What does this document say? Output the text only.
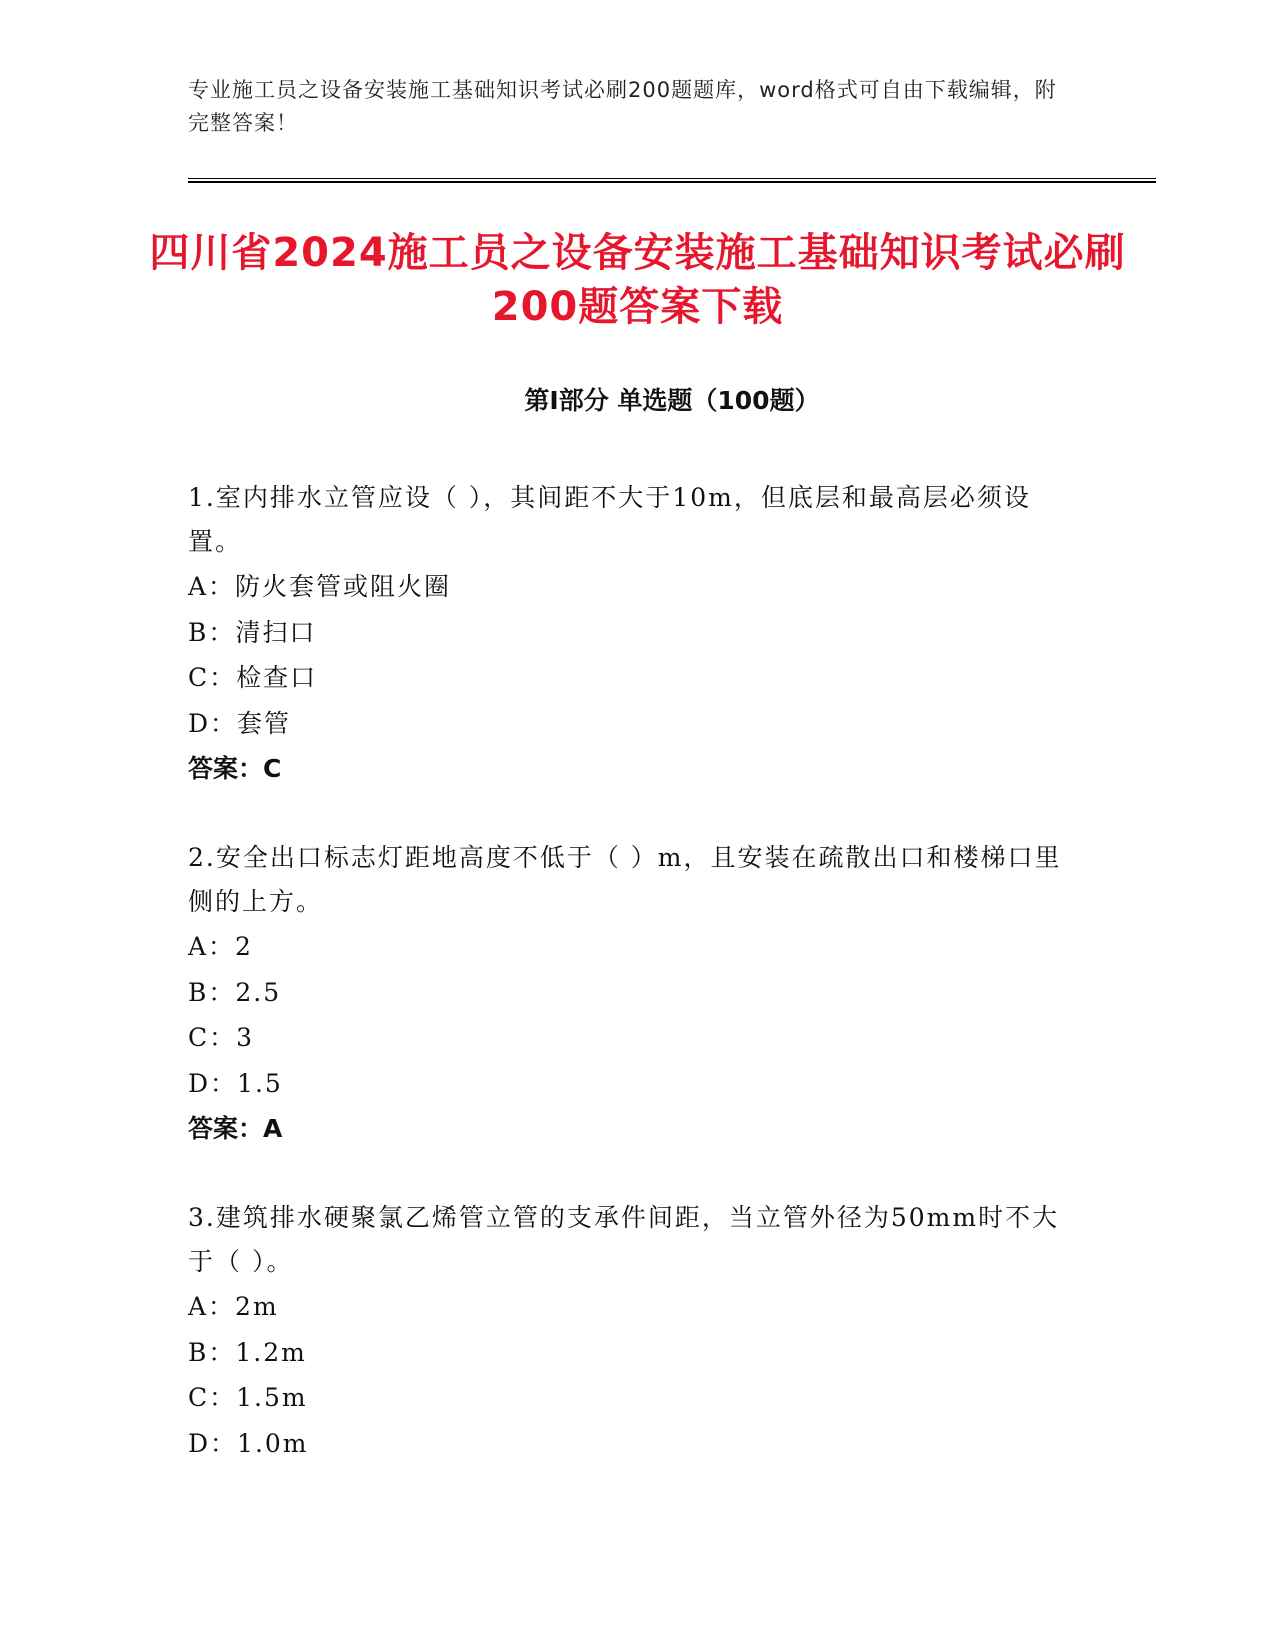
专业施工员之设备安装施工基础知识考试必刷200题题库，word格式可自由下载编辑，附完整答案！
四川省2024施工员之设备安装施工基础知识考试必刷200题答案下载
第Ⅰ部分 单选题（100题）

1.室内排水立管应设（ ），其间距不大于10m，但底层和最高层必须设置。

A：防火套管或阻火圈

B：清扫口

C：检查口

D：套管

答案：C

2.安全出口标志灯距地高度不低于（ ）m，且安装在疏散出口和楼梯口里侧的上方。

A：2

B：2.5

C：3

D：1.5

答案：A

3.建筑排水硬聚氯乙烯管立管的支承件间距，当立管外径为50mm时不大于（ ）。

A：2m

B：1.2m

C：1.5m

D：1.0m
